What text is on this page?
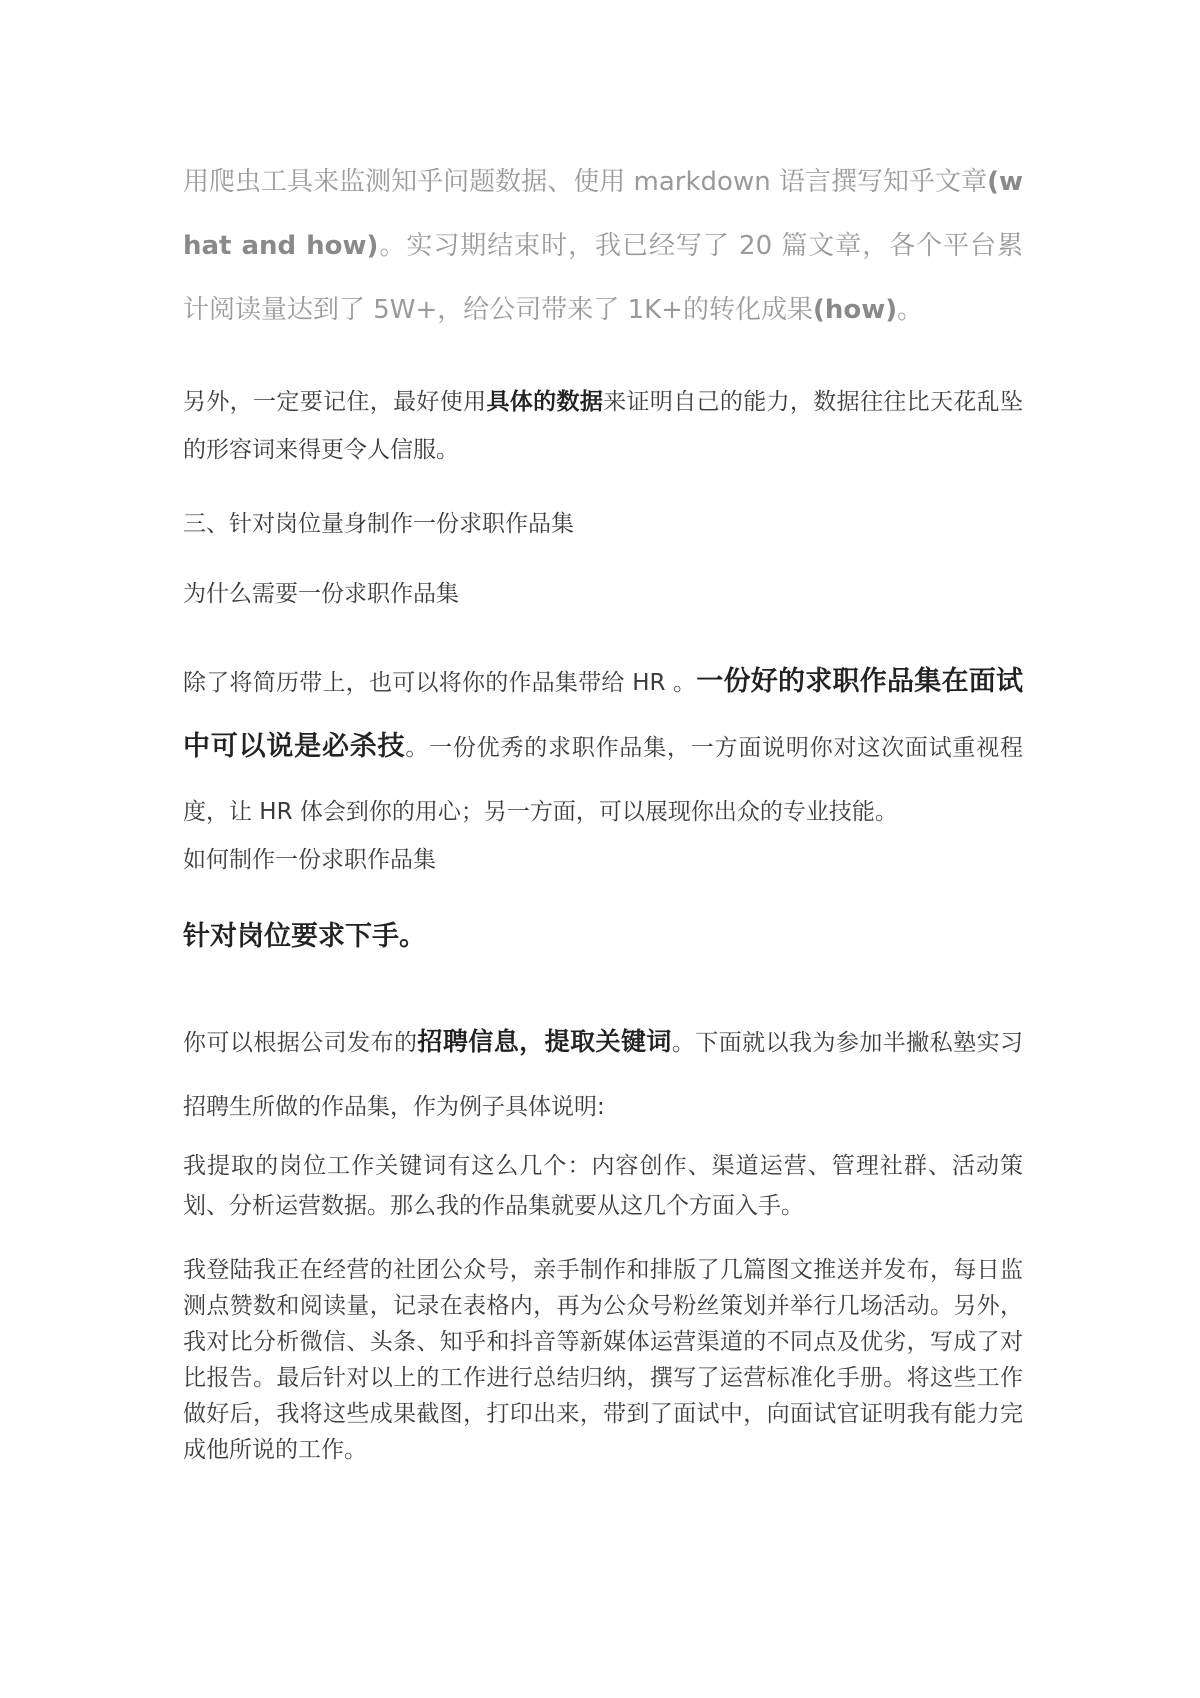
用爬虫工具来监测知乎问题数据、使用 markdown 语言撰写知乎文章(what and how)。实习期结束时，我已经写了 20 篇文章，各个平台累计阅读量达到了 5W+，给公司带来了 1K+的转化成果(how)。

另外，一定要记住，最好使用具体的数据来证明自己的能力，数据往往比天花乱坠的形容词来得更令人信服。

三、针对岗位量身制作一份求职作品集

为什么需要一份求职作品集

除了将简历带上，也可以将你的作品集带给 HR 。一份好的求职作品集在面试中可以说是必杀技。一份优秀的求职作品集，一方面说明你对这次面试重视程度，让 HR 体会到你的用心；另一方面，可以展现你出众的专业技能。

如何制作一份求职作品集

针对岗位要求下手。

你可以根据公司发布的招聘信息，提取关键词。下面就以我为参加半撇私塾实习招聘生所做的作品集，作为例子具体说明:

我提取的岗位工作关键词有这么几个：内容创作、渠道运营、管理社群、活动策划、分析运营数据。那么我的作品集就要从这几个方面入手。

我登陆我正在经营的社团公众号，亲手制作和排版了几篇图文推送并发布，每日监测点赞数和阅读量，记录在表格内，再为公众号粉丝策划并举行几场活动。另外，我对比分析微信、头条、知乎和抖音等新媒体运营渠道的不同点及优劣，写成了对比报告。最后针对以上的工作进行总结归纳，撰写了运营标准化手册。将这些工作做好后，我将这些成果截图，打印出来，带到了面试中，向面试官证明我有能力完成他所说的工作。
